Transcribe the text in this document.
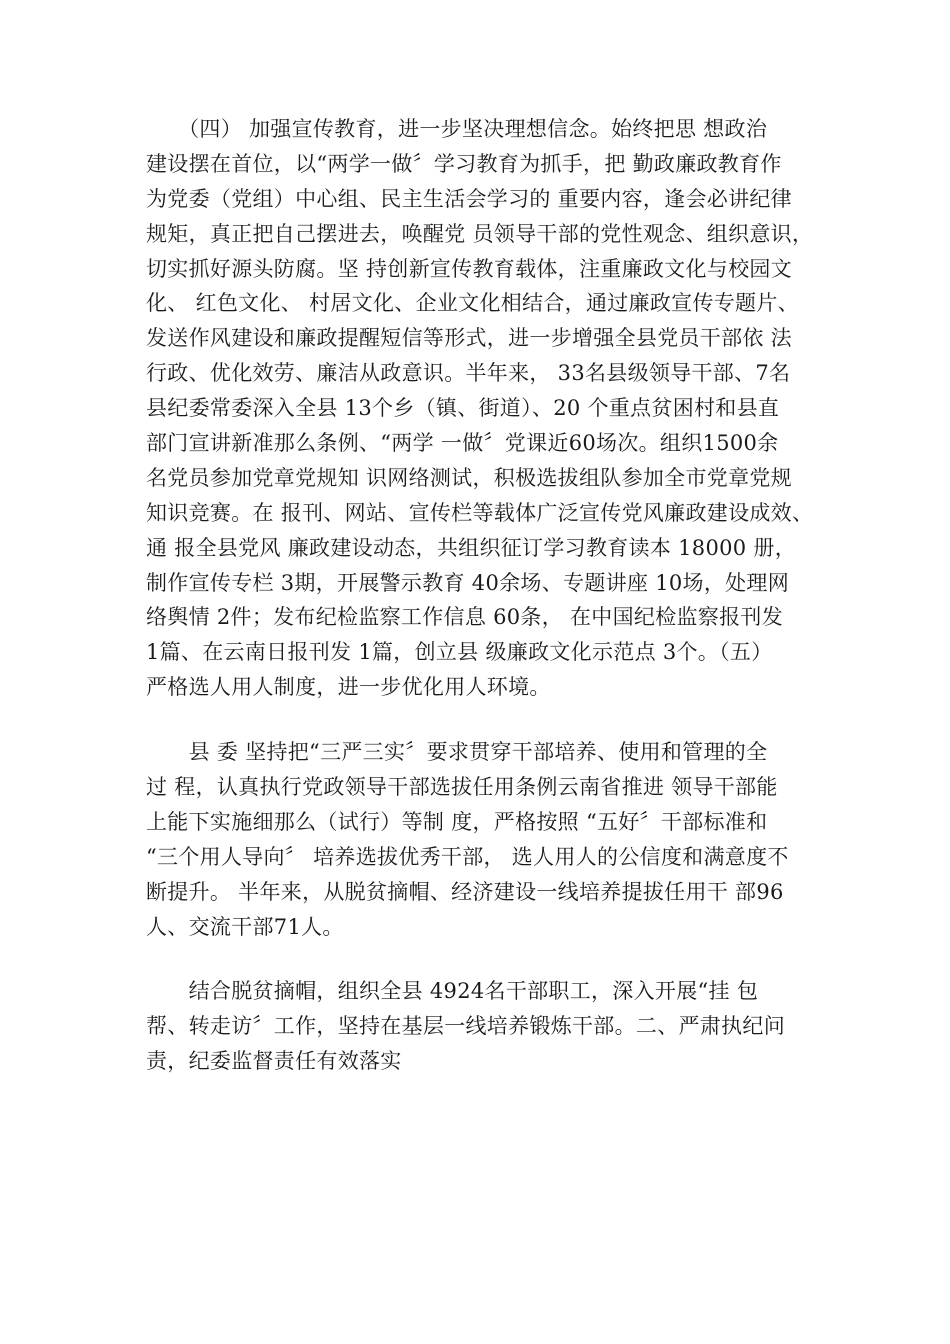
　　（四） 加强宣传教育，进一步坚决理想信念。始终把思 想政治
建设摆在首位，以“两学一做〞学习教育为抓手，把 勤政廉政教育作
为党委（党组）中心组、民主生活会学习的 重要内容，逢会必讲纪律
规矩，真正把自己摆进去，唤醒党 员领导干部的党性观念、组织意识，
切实抓好源头防腐。坚 持创新宣传教育载体，注重廉政文化与校园文
化、 红色文化、 村居文化、企业文化相结合，通过廉政宣传专题片、
发送作风建设和廉政提醒短信等形式，进一步增强全县党员干部依 法
行政、优化效劳、廉洁从政意识。半年来， 33名县级领导干部、7名
县纪委常委深入全县 13个乡（镇、街道）、20 个重点贫困村和县直
部门宣讲新准那么条例、“两学 一做〞党课近60场次。组织1500余
名党员参加党章党规知 识网络测试，积极选拔组队参加全市党章党规
知识竞赛。在 报刊、网站、宣传栏等载体广泛宣传党风廉政建设成效、
通 报全县党风 廉政建设动态，共组织征订学习教育读本 18000 册，
制作宣传专栏 3期，开展警示教育 40余场、专题讲座 10场，处理网
络舆情 2件；发布纪检监察工作信息 60条， 在中国纪检监察报刊发
1篇、在云南日报刊发 1篇，创立县 级廉政文化示范点 3个。（五）
严格选人用人制度，进一步优化用人环境。
　　县 委 坚持把“三严三实〞要求贯穿干部培养、使用和管理的全
过 程，认真执行党政领导干部选拔任用条例云南省推进 领导干部能
上能下实施细那么（试行）等制 度，严格按照 “五好〞干部标准和
“三个用人导向〞 培养选拔优秀干部， 选人用人的公信度和满意度不
断提升。 半年来，从脱贫摘帽、经济建设一线培养提拔任用干 部96
人、交流干部71人。
　　结合脱贫摘帽，组织全县 4924名干部职工，深入开展“挂 包
帮、转走访〞工作，坚持在基层一线培养锻炼干部。二、严肃执纪问
责，纪委监督责任有效落实
